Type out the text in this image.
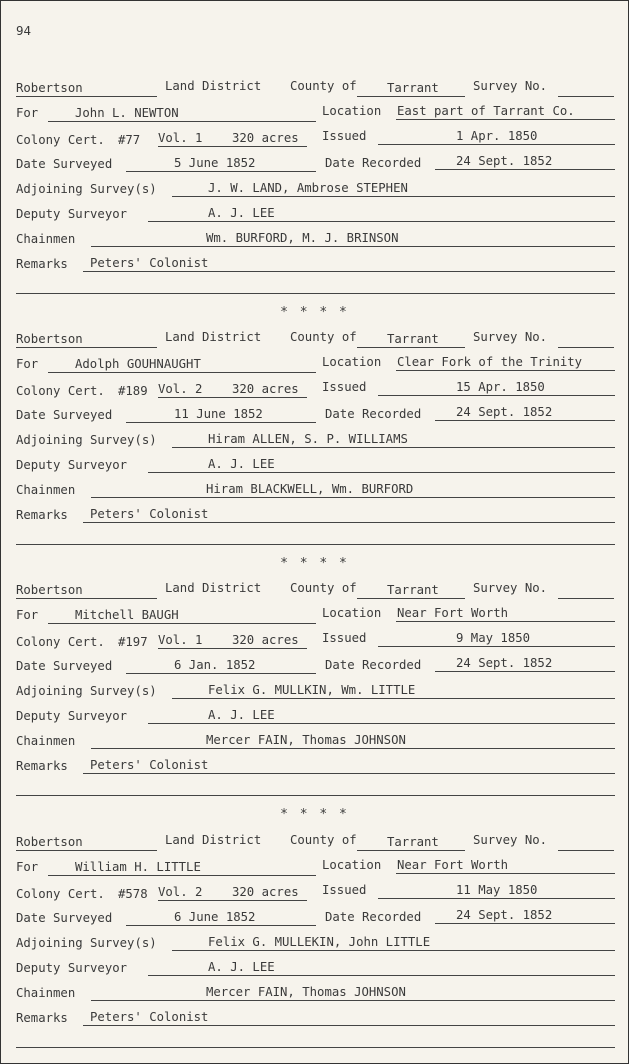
94
Robertson	Land District County of Tarrant	Survey No.
For	John L. NEWTON	Location East part of Tarrant Co.
Colony Cert. #77 Vol. 1 320 acres Issued	1 Apr. 1850
Date Surveyed	5 June 1852	Date Recorded	24 Sept. 1852
Adjoining Survey(s)	J. W. LAND, Ambrose STEPHEN
Deputy Surveyor	A. J. LEE
Chainmen	Wm. BURFORD, M. J. BRINSON
Remarks Peters' Colonist
* * * *
Robertson	Land District County of Tarrant	Survey No.
For	Adolph GOUHNAUGHT	Location Clear Fork of the Trinity
Colony Cert. #189 Vol. 2 320 acres Issued	15 Apr. 1850
Date Surveyed	11 June 1852	Date Recorded	24 Sept. 1852
Adjoining Survey(s)	Hiram ALLEN, S. P. WILLIAMS
Deputy Surveyor	A. J. LEE
Chainmen	Hiram BLACKWELL, Wm. BURFORD
Remarks Peters' Colonist
* * * *
Robertson	Land District County of Tarrant	Survey No.
For	Mitchell BAUGH	Location Near Fort Worth
Colony Cert. #197 Vol. 1 320 acres Issued	9 May 1850
Date Surveyed	6 Jan. 1852	Date Recorded	24 Sept. 1852
Adjoining Survey(s)	Felix G. MULLKIN, Wm. LITTLE
Deputy Surveyor	A. J. LEE
Chainmen	Mercer FAIN, Thomas JOHNSON
Remarks Peters' Colonist
* * * *
Robertson	Land District County of Tarrant	Survey No.
For	William H. LITTLE	Location Near Fort Worth
Colony Cert. #578 Vol. 2 320 acres Issued	11 May 1850
Date Surveyed	6 June 1852	Date Recorded	24 Sept. 1852
Adjoining Survey(s)	Felix G. MULLEKIN, John LITTLE
Deputy Surveyor	A. J. LEE
Chainmen	Mercer FAIN, Thomas JOHNSON
Remarks Peters' Colonist
